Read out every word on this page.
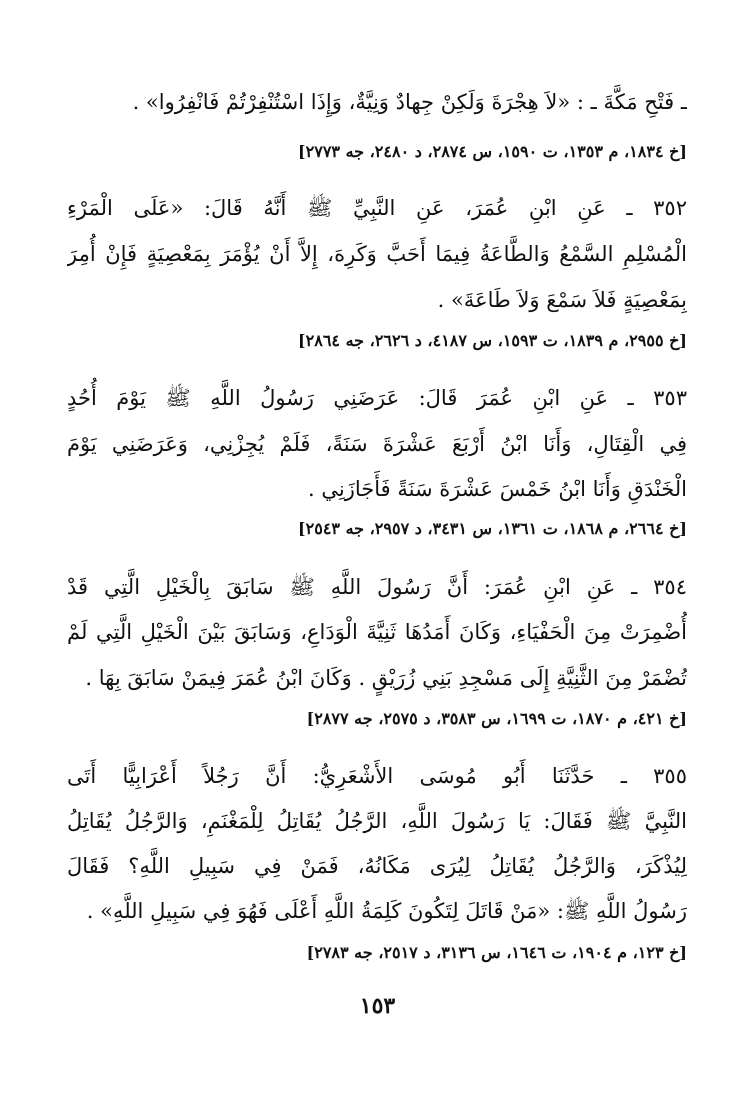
ـ فَتْحِ مَكَّةَ ـ : «لاَ هِجْرَةَ وَلَكِنْ جِهادٌ وَنِيَّةٌ، وَإِذَا اسْتُنْفِرْتُمْ فَانْفِرُوا» .
[خ ١٨٣٤، م ١٣٥٣، ت ١٥٩٠، س ٢٨٧٤، د ٢٤٨٠، جه ٢٧٧٣]
٣٥٢ ـ عَنِ ابْنِ عُمَرَ، عَنِ النَّبِيِّ ﷺ أَنَّهُ قَالَ: «عَلَى الْمَرْءِ
الْمُسْلِمِ السَّمْعُ وَالطَّاعَةُ فِيمَا أَحَبَّ وَكَرِهَ، إِلاَّ أَنْ يُؤْمَرَ بِمَعْصِيَةٍ فَإِنْ أُمِرَ
بِمَعْصِيَةٍ فَلاَ سَمْعَ وَلاَ طَاعَةَ» .
[خ ٢٩٥٥، م ١٨٣٩، ت ١٥٩٣، س ٤١٨٧، د ٢٦٢٦، جه ٢٨٦٤]
٣٥٣ ـ عَنِ ابْنِ عُمَرَ قَالَ: عَرَضَنِي رَسُولُ اللَّهِ ﷺ يَوْمَ أُحُدٍ
فِي الْقِتَالِ، وَأَنَا ابْنُ أَرْبَعَ عَشْرَةَ سَنَةً، فَلَمْ يُجِزْنِي، وَعَرَضَنِي يَوْمَ
الْخَنْدَقِ وَأَنَا ابْنُ خَمْسَ عَشْرَةَ سَنَةً فَأَجَازَنِي .
[خ ٢٦٦٤، م ١٨٦٨، ت ١٣٦١، س ٣٤٣١، د ٢٩٥٧، جه ٢٥٤٣]
٣٥٤ ـ عَنِ ابْنِ عُمَرَ: أَنَّ رَسُولَ اللَّهِ ﷺ سَابَقَ بِالْخَيْلِ الَّتِي قَدْ
أُضْمِرَتْ مِنَ الْحَفْيَاءِ، وَكَانَ أَمَدُهَا ثَنِيَّةَ الْوَدَاعِ، وَسَابَقَ بَيْنَ الْخَيْلِ الَّتِي لَمْ
تُضْمَرْ مِنَ الثَّنِيَّةِ إِلَى مَسْجِدِ بَنِي زُرَيْقٍ . وَكَانَ ابْنُ عُمَرَ فِيمَنْ سَابَقَ بِهَا .
[خ ٤٢١، م ١٨٧٠، ت ١٦٩٩، س ٣٥٨٣، د ٢٥٧٥، جه ٢٨٧٧]
٣٥٥ ـ حَدَّثَنَا أَبُو مُوسَى الأَشْعَرِيُّ: أَنَّ رَجُلاً أَعْرَابِيًّا أَتَى
النَّبِيَّ ﷺ فَقَالَ: يَا رَسُولَ اللَّهِ، الرَّجُلُ يُقَاتِلُ لِلْمَغْنَمِ، وَالرَّجُلُ يُقَاتِلُ
لِيُذْكَرَ، وَالرَّجُلُ يُقَاتِلُ لِيُرَى مَكَانُهُ، فَمَنْ فِي سَبِيلِ اللَّهِ؟ فَقَالَ
رَسُولُ اللَّهِ ﷺ: «مَنْ قَاتَلَ لِتَكُونَ كَلِمَةُ اللَّهِ أَعْلَى فَهُوَ فِي سَبِيلِ اللَّهِ» .
[خ ١٢٣، م ١٩٠٤، ت ١٦٤٦، س ٣١٣٦، د ٢٥١٧، جه ٢٧٨٣]
١٥٣
